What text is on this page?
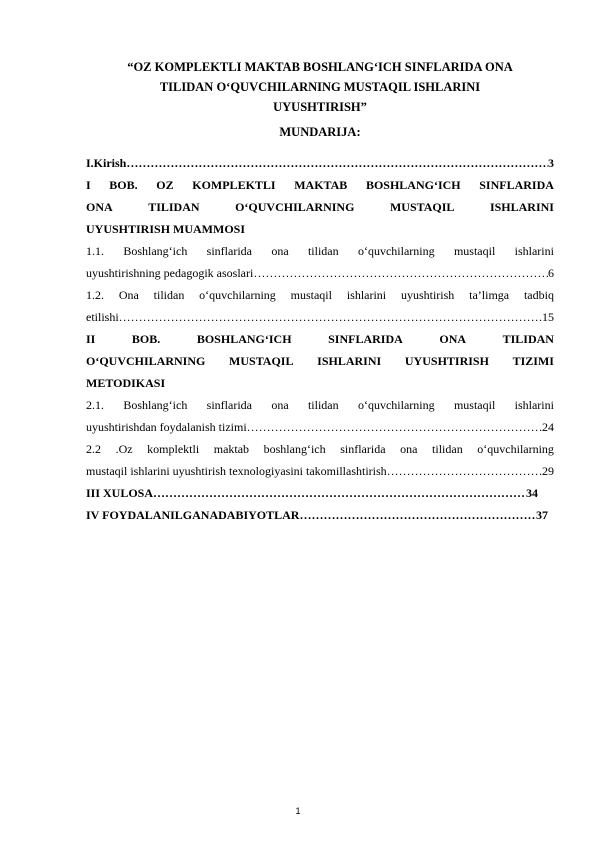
“OZ KOMPLEKTLI MAKTAB BOSHLANG‘ICH SINFLARIDA ONA
TILIDAN O‘QUVCHILARNING MUSTAQIL ISHLARINI
UYUSHTIRISH”
MUNDARIJA:
I.Kirish ………………………………………………………………………………………………………………………………	3
I BOB. OZ KOMPLEKTLI MAKTAB BOSHLANG‘ICH SINFLARIDA
ONA	TILIDAN	O‘QUVCHILARNING	MUSTAQIL	ISHLARINI
UYUSHTIRISH MUAMMOSI
1.1. Boshlang‘ich sinflarida ona tilidan o‘quvchilarning mustaqil ishlarini
uyushtirishning pedagogik asoslari ………………………………………………………………………………………………………………………………	6
1.2. Ona tilidan o‘quvchilarning mustaqil ishlarini uyushtirish ta’limga tadbiq
etilishi ………………………………………………………………………………………………………………………………	15
II	BOB.	BOSHLANG‘ICH	SINFLARIDA	ONA	TILIDAN
O‘QUVCHILARNING MUSTAQIL ISHLARINI UYUSHTIRISH TIZIMI
METODIKASI
2.1. Boshlang‘ich sinflarida ona tilidan o‘quvchilarning mustaqil ishlarini
uyushtirishdan foydalanish tizimi ………………………………………………………………………………………………………………………………	24
2.2 .Oz komplektli maktab boshlang‘ich sinflarida ona tilidan o‘quvchilarning
mustaqil ishlarini uyushtirish texnologiyasini takomillashtirish ………………………………………………………………………………………………………………………………	29
III XULOSA ………………………………………………………………………………………………………………………………	34
IV FOYDALANILGANADABIYOTLAR ………………………………………………………………………………………………………………………………	37
1
